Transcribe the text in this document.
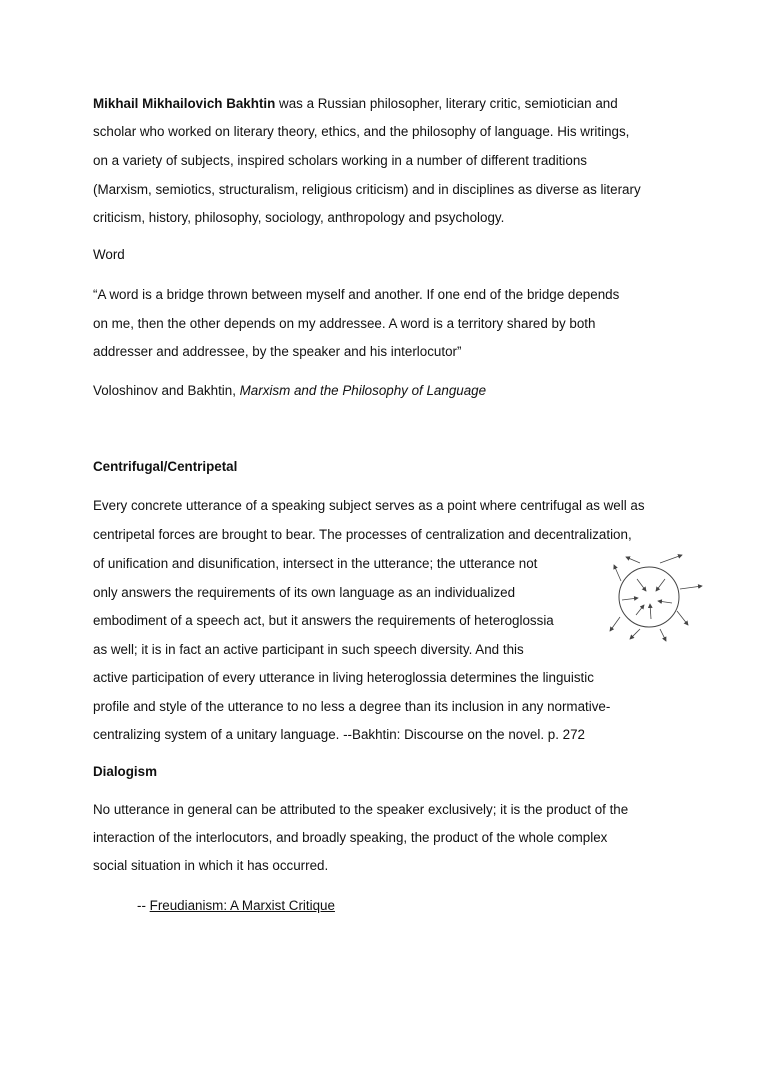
Mikhail Mikhailovich Bakhtin was a Russian philosopher, literary critic, semiotician and
scholar who worked on literary theory, ethics, and the philosophy of language. His writings,
on a variety of subjects, inspired scholars working in a number of different traditions
(Marxism, semiotics, structuralism, religious criticism) and in disciplines as diverse as literary
criticism, history, philosophy, sociology, anthropology and psychology.
Word
“A word is a bridge thrown between myself and another. If one end of the bridge depends
on me, then the other depends on my addressee. A word is a territory shared by both
addresser and addressee, by the speaker and his interlocutor”
Voloshinov and Bakhtin, Marxism and the Philosophy of Language
Centrifugal/Centripetal
Every concrete utterance of a speaking subject serves as a point where centrifugal as well as
centripetal forces are brought to bear. The processes of centralization and decentralization,
of unification and disunification, intersect in the utterance; the utterance not
only answers the requirements of its own language as an individualized
embodiment of a speech act, but it answers the requirements of heteroglossia
as well; it is in fact an active participant in such speech diversity. And this
active participation of every utterance in living heteroglossia determines the linguistic
profile and style of the utterance to no less a degree than its inclusion in any normative-
centralizing system of a unitary language. --Bakhtin: Discourse on the novel. p. 272
Dialogism
No utterance in general can be attributed to the speaker exclusively; it is the product of the
interaction of the interlocutors, and broadly speaking, the product of the whole complex
social situation in which it has occurred.
-- Freudianism: A Marxist Critique
